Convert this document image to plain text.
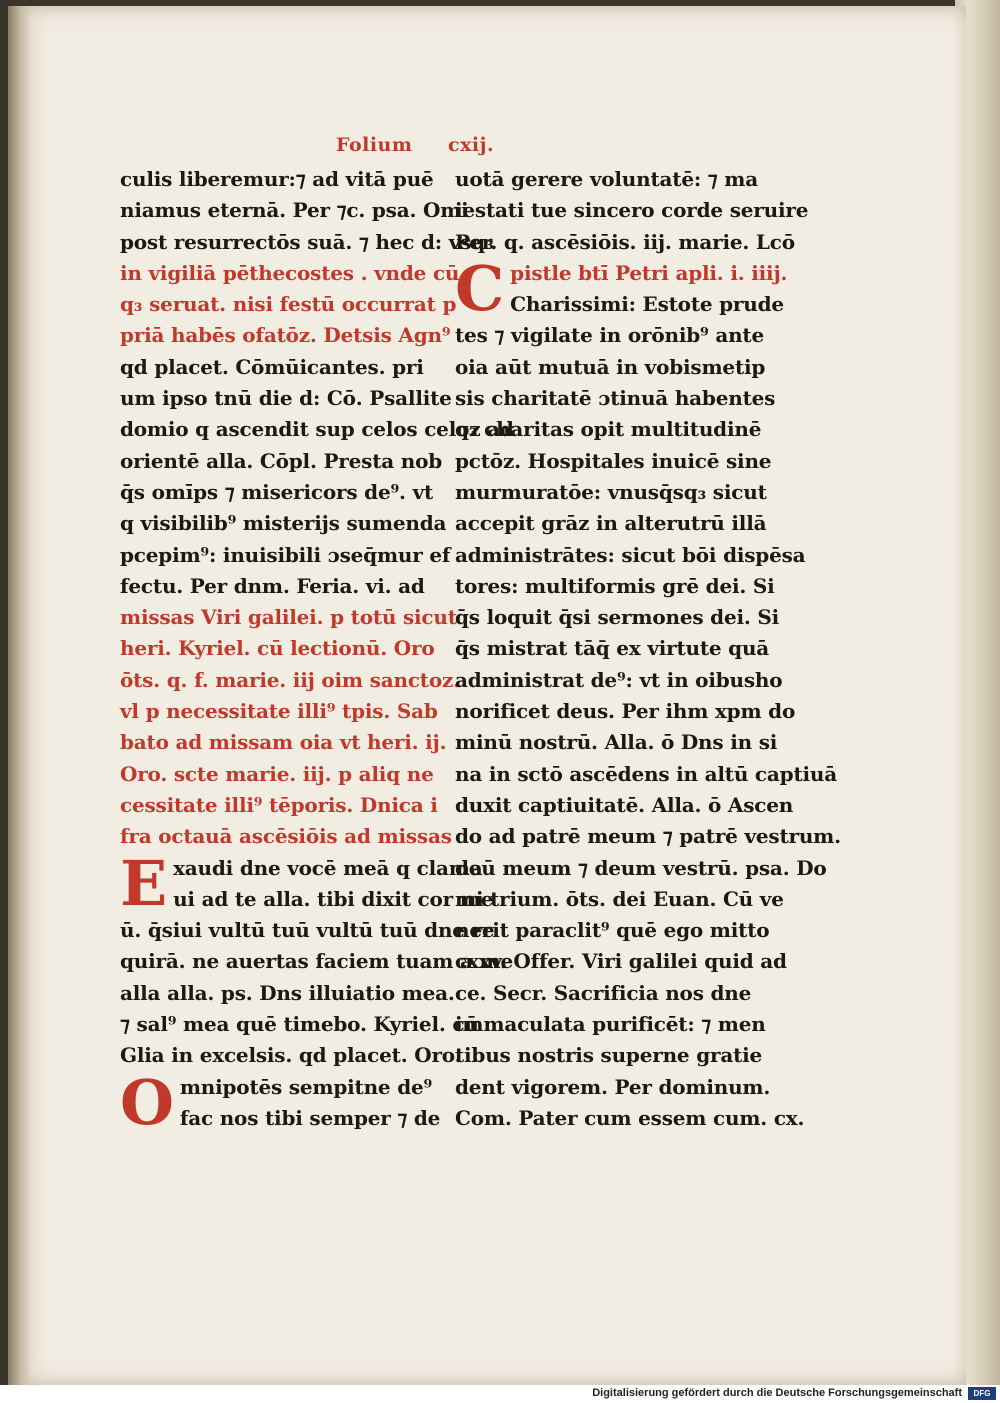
Folium cxij.
culis liberemur:⁊ ad vitā puē
niamus eternā. Per ⁊c. psa. Omi
post resurrectōs suā. ⁊ hec d: vsq₃
in vigiliā pēthecostes . vnde cū
q₃ seruat. nisi festū occurrat p
priā habēs ofatōz. Detsis Agn⁹
qd placet. Cōmūicantes. pri
um ipso tnū die d: Cō. Psallite
domio q ascendit sup celos celoz ad
orientē alla. Cōpl. Presta nob
q̄s omīps ⁊ misericors de⁹. vt
q visibilib⁹ misterijs sumenda
pcepim⁹: inuisibili ɔseq̄mur ef
fectu. Per dnm. Feria. vi. ad
missas Viri galilei. p totū sicut
heri. Kyriel. cū lectionū. Oro
ōts. q. f. marie. iij oim sanctoz.
vl p necessitate illi⁹ tpis. Sab
bato ad missam oia vt heri. ij.
Oro. scte marie. iij. p aliq ne
cessitate illi⁹ tēporis. Dnica i
fra octauā ascēsiōis ad missas
E xaudi dne vocē meā q clama
ui ad te alla. tibi dixit cor me
ū. q̄siui vultū tuū vultū tuū dne re
quirā. ne auertas faciem tuam a me
alla alla. ps. Dns illuiatio mea.
⁊ sal⁹ mea quē timebo. Kyriel. cū
Glia in excelsis. qd placet. Oro.
O mnipotēs sempitne de⁹
fac nos tibi semper ⁊ de
uotā gerere voluntatē: ⁊ ma
iestati tue sincero corde seruire
Per. q. ascēsiōis. iij. marie. Lcō
C pistle btī Petri apli. i. iiij.
Charissimi: Estote prude
tes ⁊ vigilate in orōnib⁹ ante
oia aūt mutuā in vobismetip
sis charitatē ɔtinuā habentes
q₃ charitas opit multitudinē
pctōz. Hospitales inuicē sine
murmuratōe: vnusq̄sq₃ sicut
accepit grāz in alterutrū illā
administrātes: sicut bōi dispēsa
tores: multiformis grē dei. Si
q̄s loquit q̄si sermones dei. Si
q̄s mistrat tāq̄ ex virtute quā
administrat de⁹: vt in oibusho
norificet deus. Per ihm xpm do
minū nostrū. Alla. ō Dns in si
na in sctō ascēdens in altū captiuā
duxit captiuitatē. Alla. ō Ascen
do ad patrē meum ⁊ patrē vestrum.
deū meum ⁊ deum vestrū. psa. Do
mi trium. ōts. dei Euan. Cū ve
nerit paraclit⁹ quē ego mitto
cxxv. Offer. Viri galilei quid ad
ce. Secr. Sacrificia nos dne
immaculata purificēt: ⁊ men
tibus nostris superne gratie
dent vigorem. Per dominum.
Com. Pater cum essem cum. cx.
Digitalisierung gefördert durch die Deutsche Forschungsgemeinschaft	DFG
